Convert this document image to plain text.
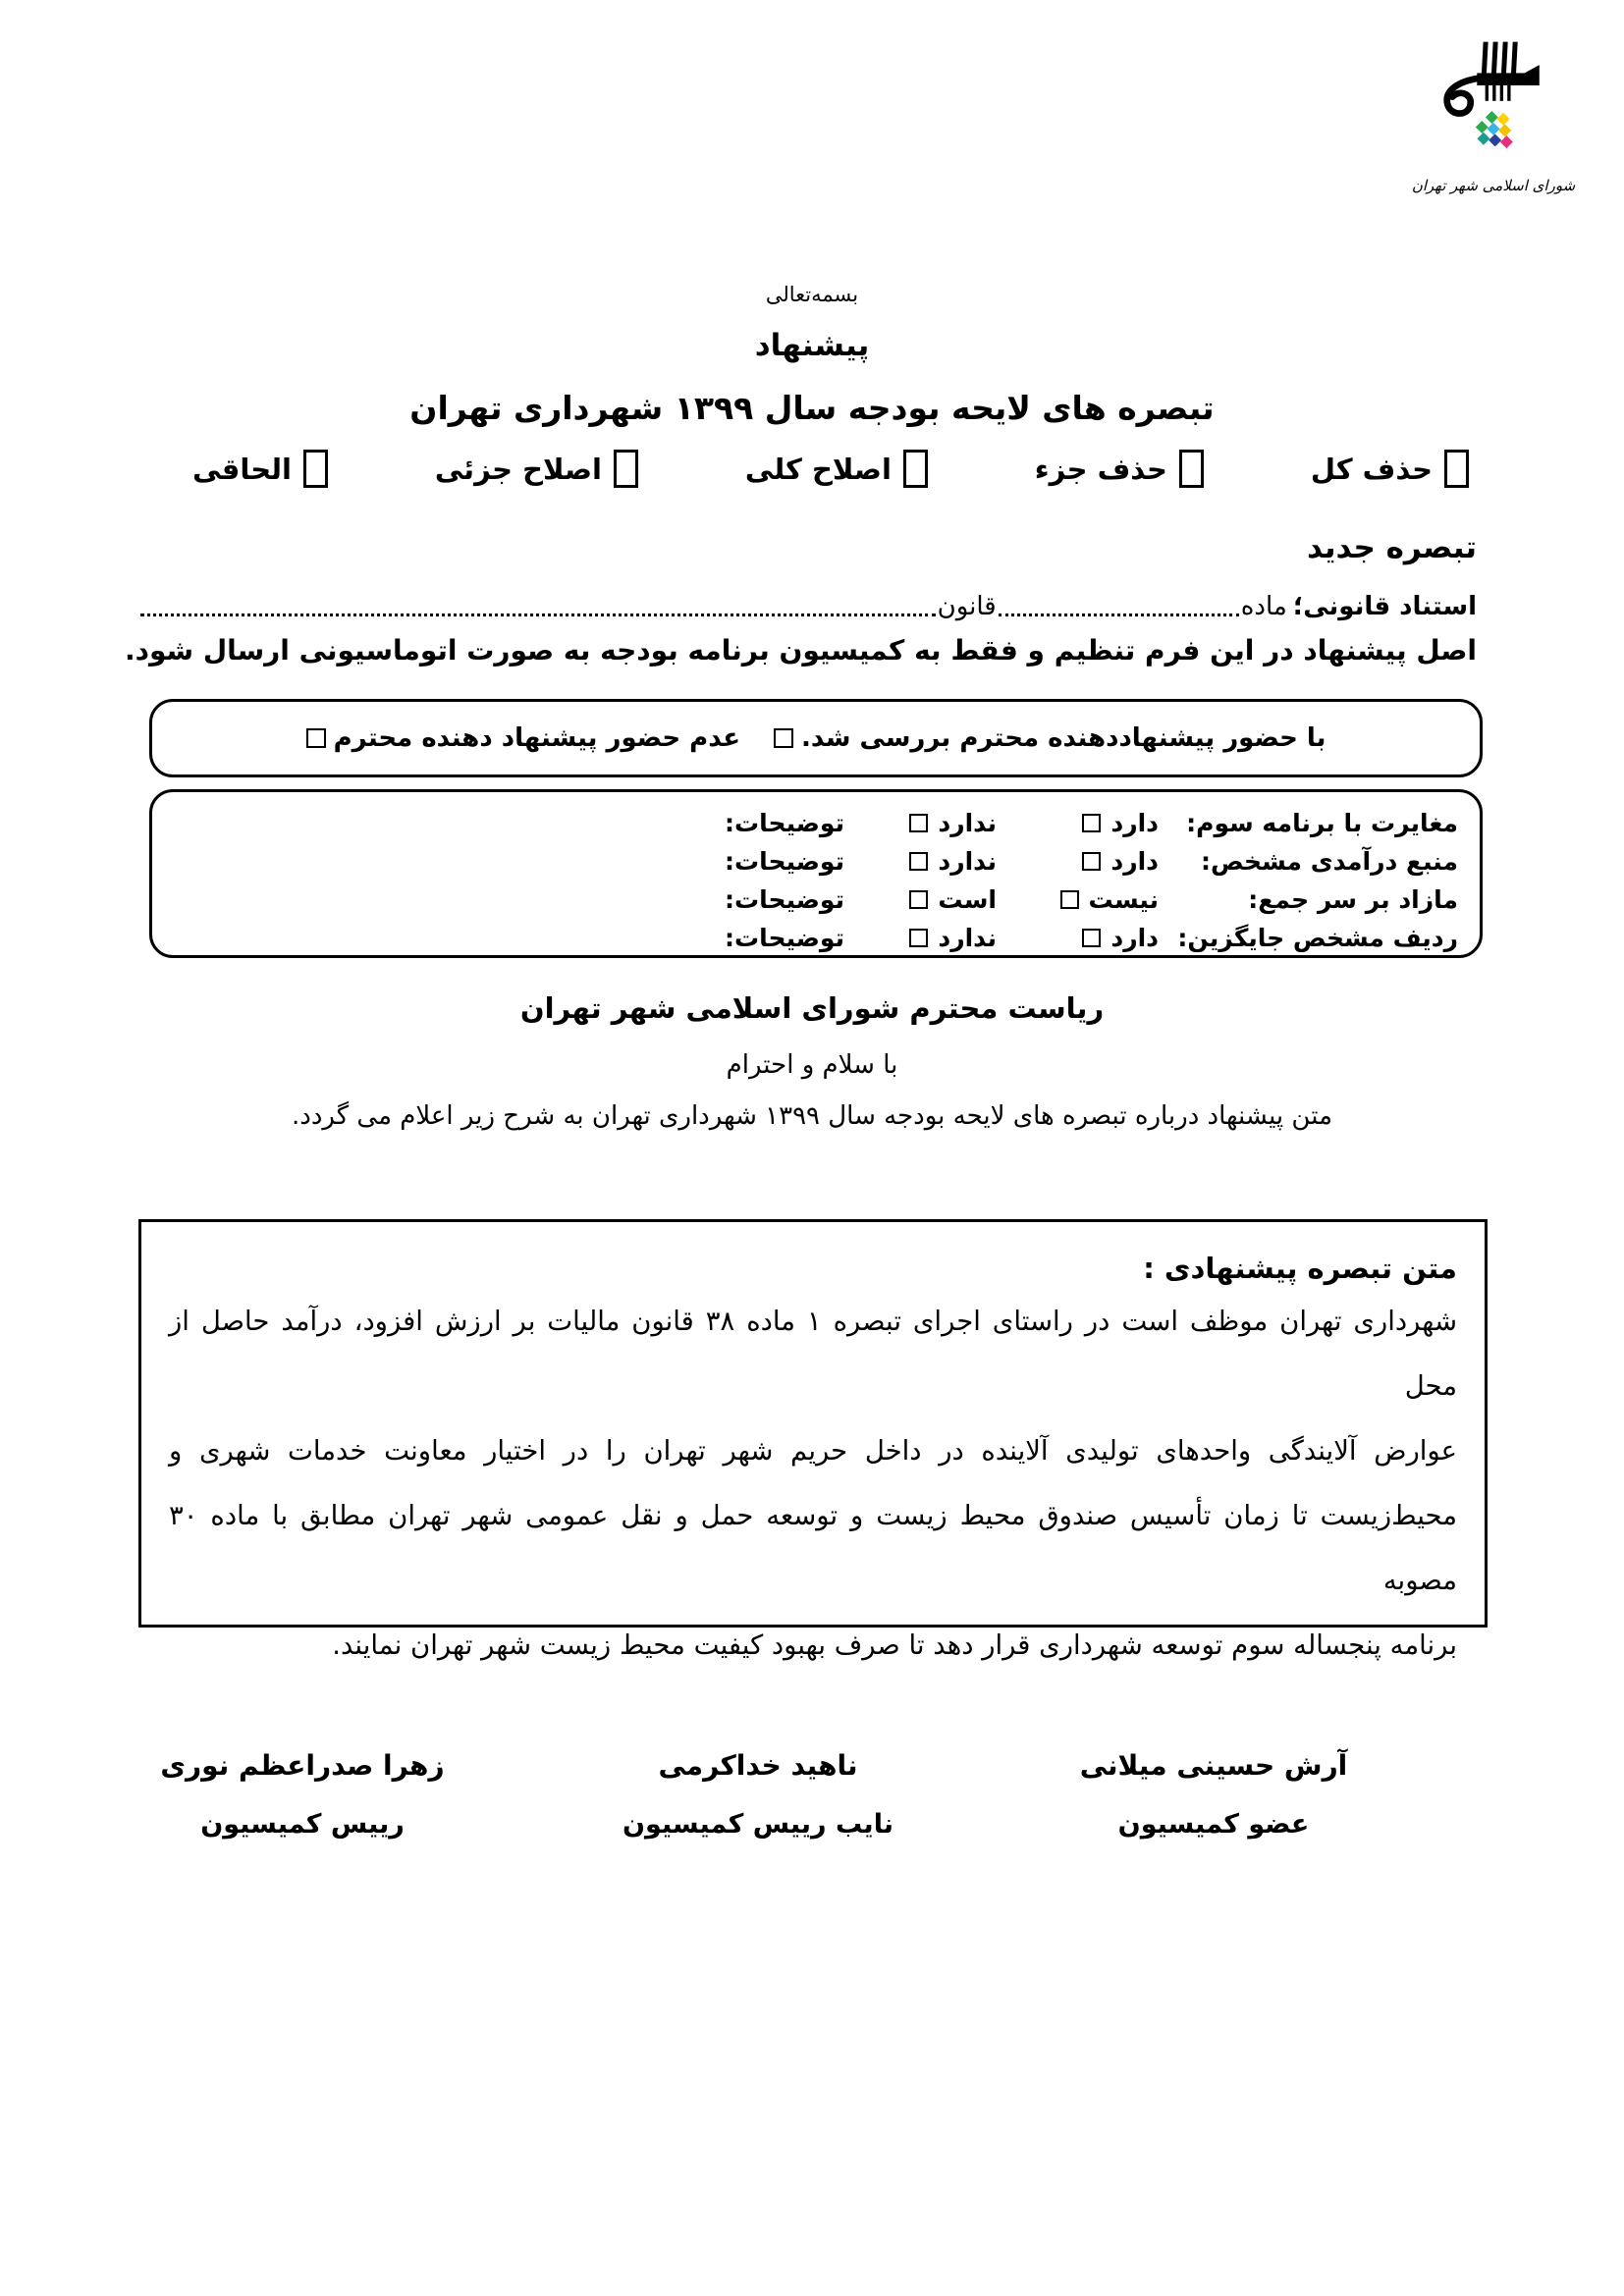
شورای اسلامی شهر تهران
بسمه‌تعالی
پیشنهاد
تبصره های لایحه بودجه سال ۱۳۹۹ شهرداری تهران
حذف کل
حذف جزء
اصلاح کلی
اصلاح جزئی
الحاقی
تبصره جدید
استناد قانونی؛
ماده
قانون
اصل پیشنهاد در این فرم تنظیم و فقط به کمیسیون برنامه بودجه به صورت اتوماسیونی ارسال شود.
با حضور پیشنهاددهنده محترم بررسی شد.
عدم حضور پیشنهاد دهنده محترم
مغایرت با برنامه سوم:
دارد
ندارد
توضیحات:
منبع درآمدی مشخص:
دارد
ندارد
توضیحات:
مازاد بر سر جمع:
نیست
است
توضیحات:
ردیف مشخص جایگزین:
دارد
ندارد
توضیحات:
ریاست محترم شورای اسلامی شهر تهران
با سلام و احترام
متن پیشنهاد درباره تبصره های لایحه بودجه سال ۱۳۹۹ شهرداری تهران به شرح زیر اعلام می گردد.
متن تبصره پیشنهادی :
شهرداری تهران موظف است در راستای اجرای تبصره ۱ ماده ۳۸ قانون مالیات بر ارزش افزود، درآمد حاصل از محل
عوارض آلایندگی واحدهای تولیدی آلاینده در داخل حریم شهر تهران را در اختیار معاونت خدمات شهری و
محیط‌زیست تا زمان تأسیس صندوق محیط زیست و توسعه حمل و نقل عمومی شهر تهران مطابق با ماده ۳۰ مصوبه
برنامه پنجساله سوم توسعه شهرداری قرار دهد تا صرف بهبود کیفیت محیط زیست شهر تهران نمایند.
آرش حسینی میلانی
عضو کمیسیون
ناهید خداکرمی
نایب رییس کمیسیون
زهرا صدراعظم نوری
رییس کمیسیون
